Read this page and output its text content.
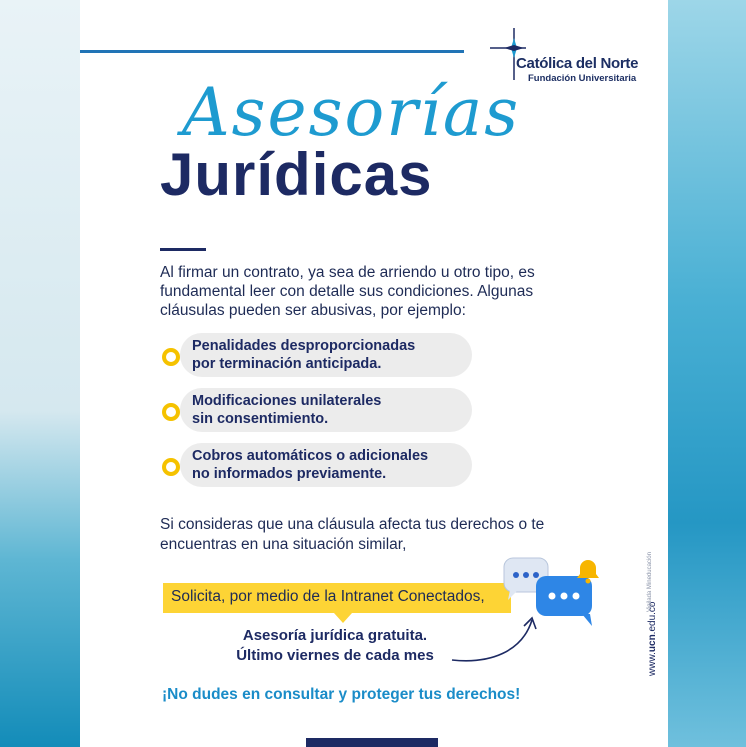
Católica del Norte
Fundación Universitaria
Asesorías
Jurídicas
Al firmar un contrato, ya sea de arriendo u otro tipo, es fundamental leer con detalle sus condiciones. Algunas cláusulas pueden ser abusivas, por ejemplo:
Penalidades desproporcionadas
por terminación anticipada.
Modificaciones unilaterales
sin consentimiento.
Cobros automáticos o adicionales
no informados previamente.
Si consideras que una cláusula afecta tus derechos o te encuentras en una situación similar,
Solicita, por medio de la Intranet Conectados,
Asesoría jurídica gratuita.
Último viernes de cada mes
¡No dudes en consultar y proteger tus derechos!
www.ucn.edu.co
Vigilada Mineducación
